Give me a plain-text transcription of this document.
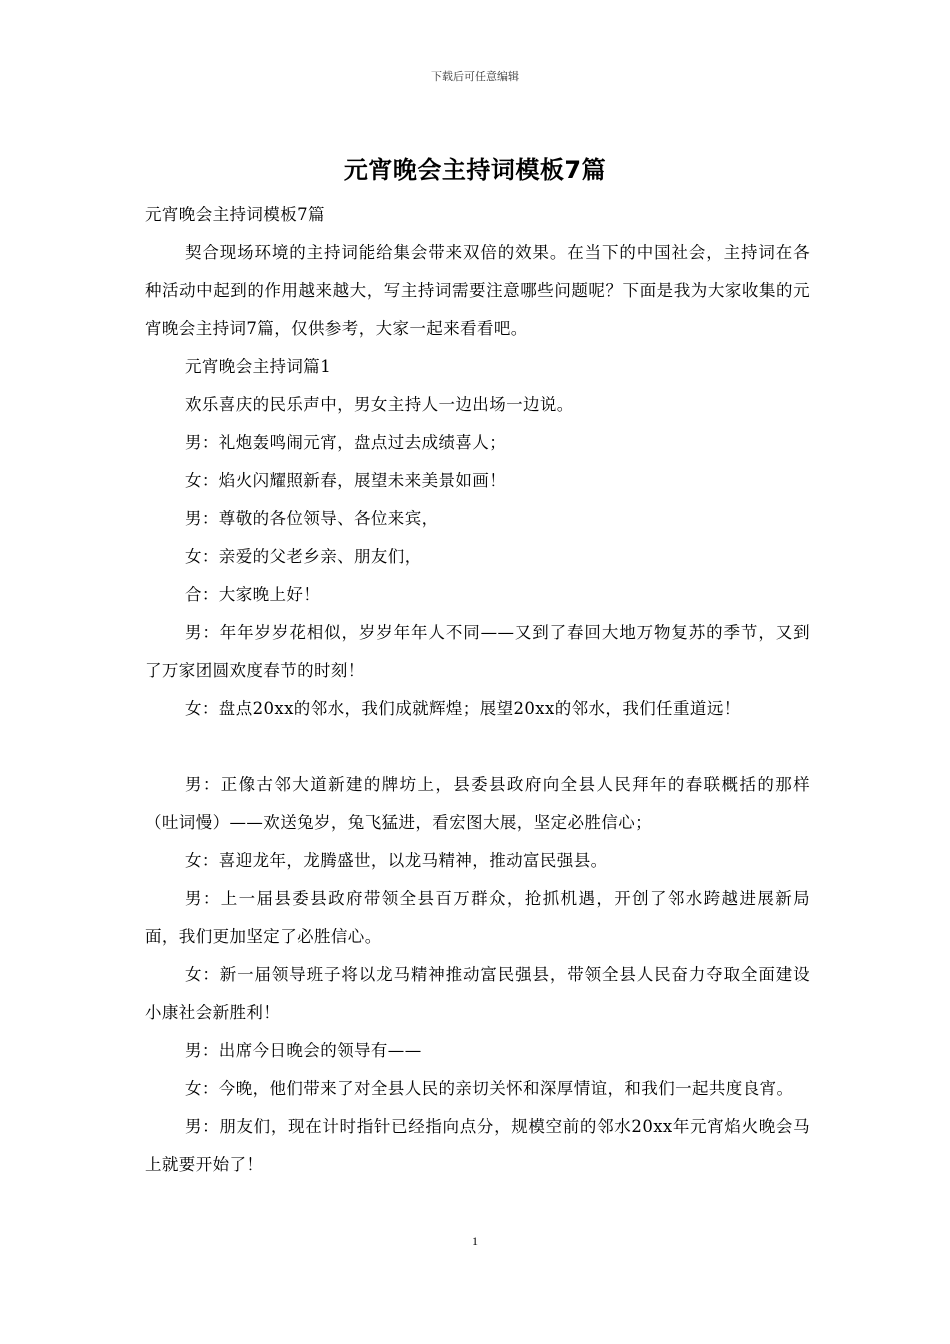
下载后可任意编辑
元宵晚会主持词模板7篇

元宵晚会主持词模板7篇

契合现场环境的主持词能给集会带来双倍的效果。在当下的中国社会，主持词在各种活动中起到的作用越来越大，写主持词需要注意哪些问题呢？下面是我为大家收集的元宵晚会主持词7篇，仅供参考，大家一起来看看吧。

元宵晚会主持词篇1

欢乐喜庆的民乐声中，男女主持人一边出场一边说。

男：礼炮轰鸣闹元宵，盘点过去成绩喜人；

女：焰火闪耀照新春，展望未来美景如画！

男：尊敬的各位领导、各位来宾，

女：亲爱的父老乡亲、朋友们，

合：大家晚上好！

男：年年岁岁花相似，岁岁年年人不同——又到了春回大地万物复苏的季节，又到了万家团圆欢度春节的时刻！

女：盘点20xx的邻水，我们成就辉煌；展望20xx的邻水，我们任重道远！

男：正像古邻大道新建的牌坊上，县委县政府向全县人民拜年的春联概括的那样（吐词慢）——欢送兔岁，兔飞猛进，看宏图大展，坚定必胜信心；

女：喜迎龙年，龙腾盛世，以龙马精神，推动富民强县。

男：上一届县委县政府带领全县百万群众，抢抓机遇，开创了邻水跨越进展新局面，我们更加坚定了必胜信心。

女：新一届领导班子将以龙马精神推动富民强县，带领全县人民奋力夺取全面建设小康社会新胜利！

男：出席今日晚会的领导有——

女：今晚，他们带来了对全县人民的亲切关怀和深厚情谊，和我们一起共度良宵。

男：朋友们，现在计时指针已经指向点分，规模空前的邻水20xx年元宵焰火晚会马上就要开始了！

1
